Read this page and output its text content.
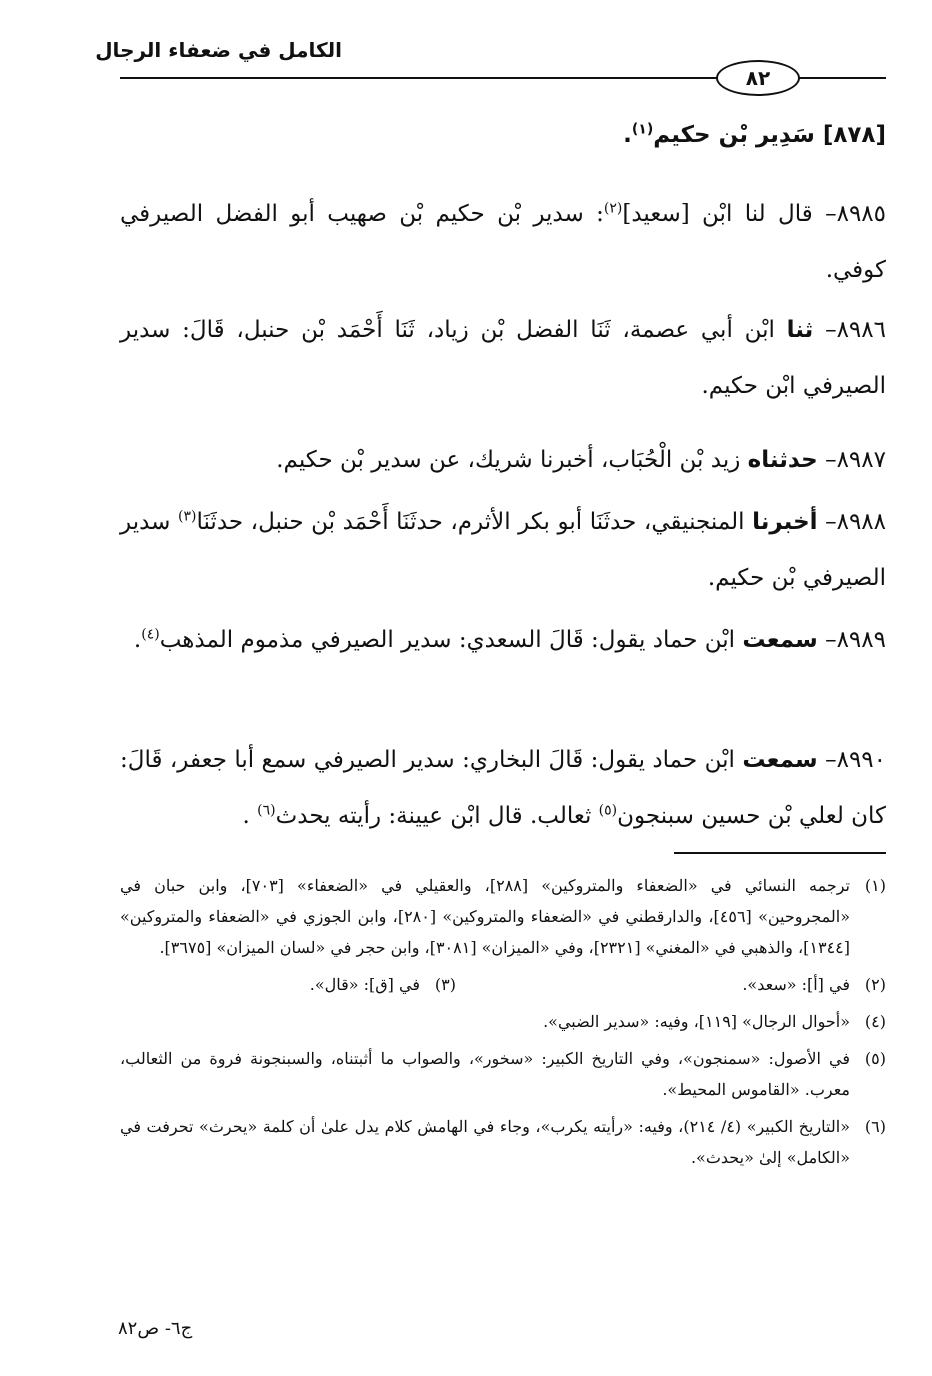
الكامل في ضعفاء الرجال
٨٢
[٨٧٨] سَدِير بْن حكيم$^{(١)}$.

٨٩٨٥– قال لنا ابْن [سعيد]$^{(٢)}$: سدير بْن حكيم بْن صهيب أبو الفضل الصيرفي كوفي.

٨٩٨٦– ثنا ابْن أبي عصمة، ثَنَا الفضل بْن زياد، ثَنَا أَحْمَد بْن حنبل، قَالَ: سدير الصيرفي ابْن حكيم.

٨٩٨٧– حدثناه زيد بْن الْحُبَاب، أخبرنا شريك، عن سدير بْن حكيم.

٨٩٨٨– أخبرنا المنجنيقي، حدثَنَا أبو بكر الأثرم، حدثَنَا أَحْمَد بْن حنبل، حدثَنَا$^{(٣)}$ سدير الصيرفي بْن حكيم.

٨٩٨٩– سمعت ابْن حماد يقول: قَالَ السعدي: سدير الصيرفي مذموم المذهب$^{(٤)}$.

٨٩٩٠– سمعت ابْن حماد يقول: قَالَ البخاري: سدير الصيرفي سمع أبا جعفر، قَالَ: كان لعلي بْن حسين سبنجون$^{(٥)}$ ثعالب. قال ابْن عيينة: رأيته يحدث$^{(٦)}$ .

(١)
ترجمه النسائي في «الضعفاء والمتروكين» [٢٨٨]، والعقيلي في «الضعفاء» [٧٠٣]، وابن حبان في «المجروحين» [٤٥٦]، والدارقطني في «الضعفاء والمتروكين» [٢٨٠]، وابن الجوزي في «الضعفاء والمتروكين» [١٣٤٤]، والذهبي في «المغني» [٢٣٢١]، وفي «الميزان» [٣٠٨١]، وابن حجر في «لسان الميزان» [٣٦٧٥].
(٢)
في [أ]: «سعد».
(٣)
في [ق]: «قال».
(٤)
«أحوال الرجال» [١١٩]، وفيه: «سدير الضبي».
(٥)
في الأصول: «سمنجون»، وفي التاريخ الكبير: «سخور»، والصواب ما أثبتناه، والسبنجونة فروة من الثعالب، معرب. «القاموس المحيط».
(٦)
«التاريخ الكبير» (٤/ ٢١٤)، وفيه: «رأيته يكرب»، وجاء في الهامش كلام يدل علىٰ أن كلمة «يحرث» تحرفت في «الكامل» إلىٰ «يحدث».
ج٦- ص٨٢
